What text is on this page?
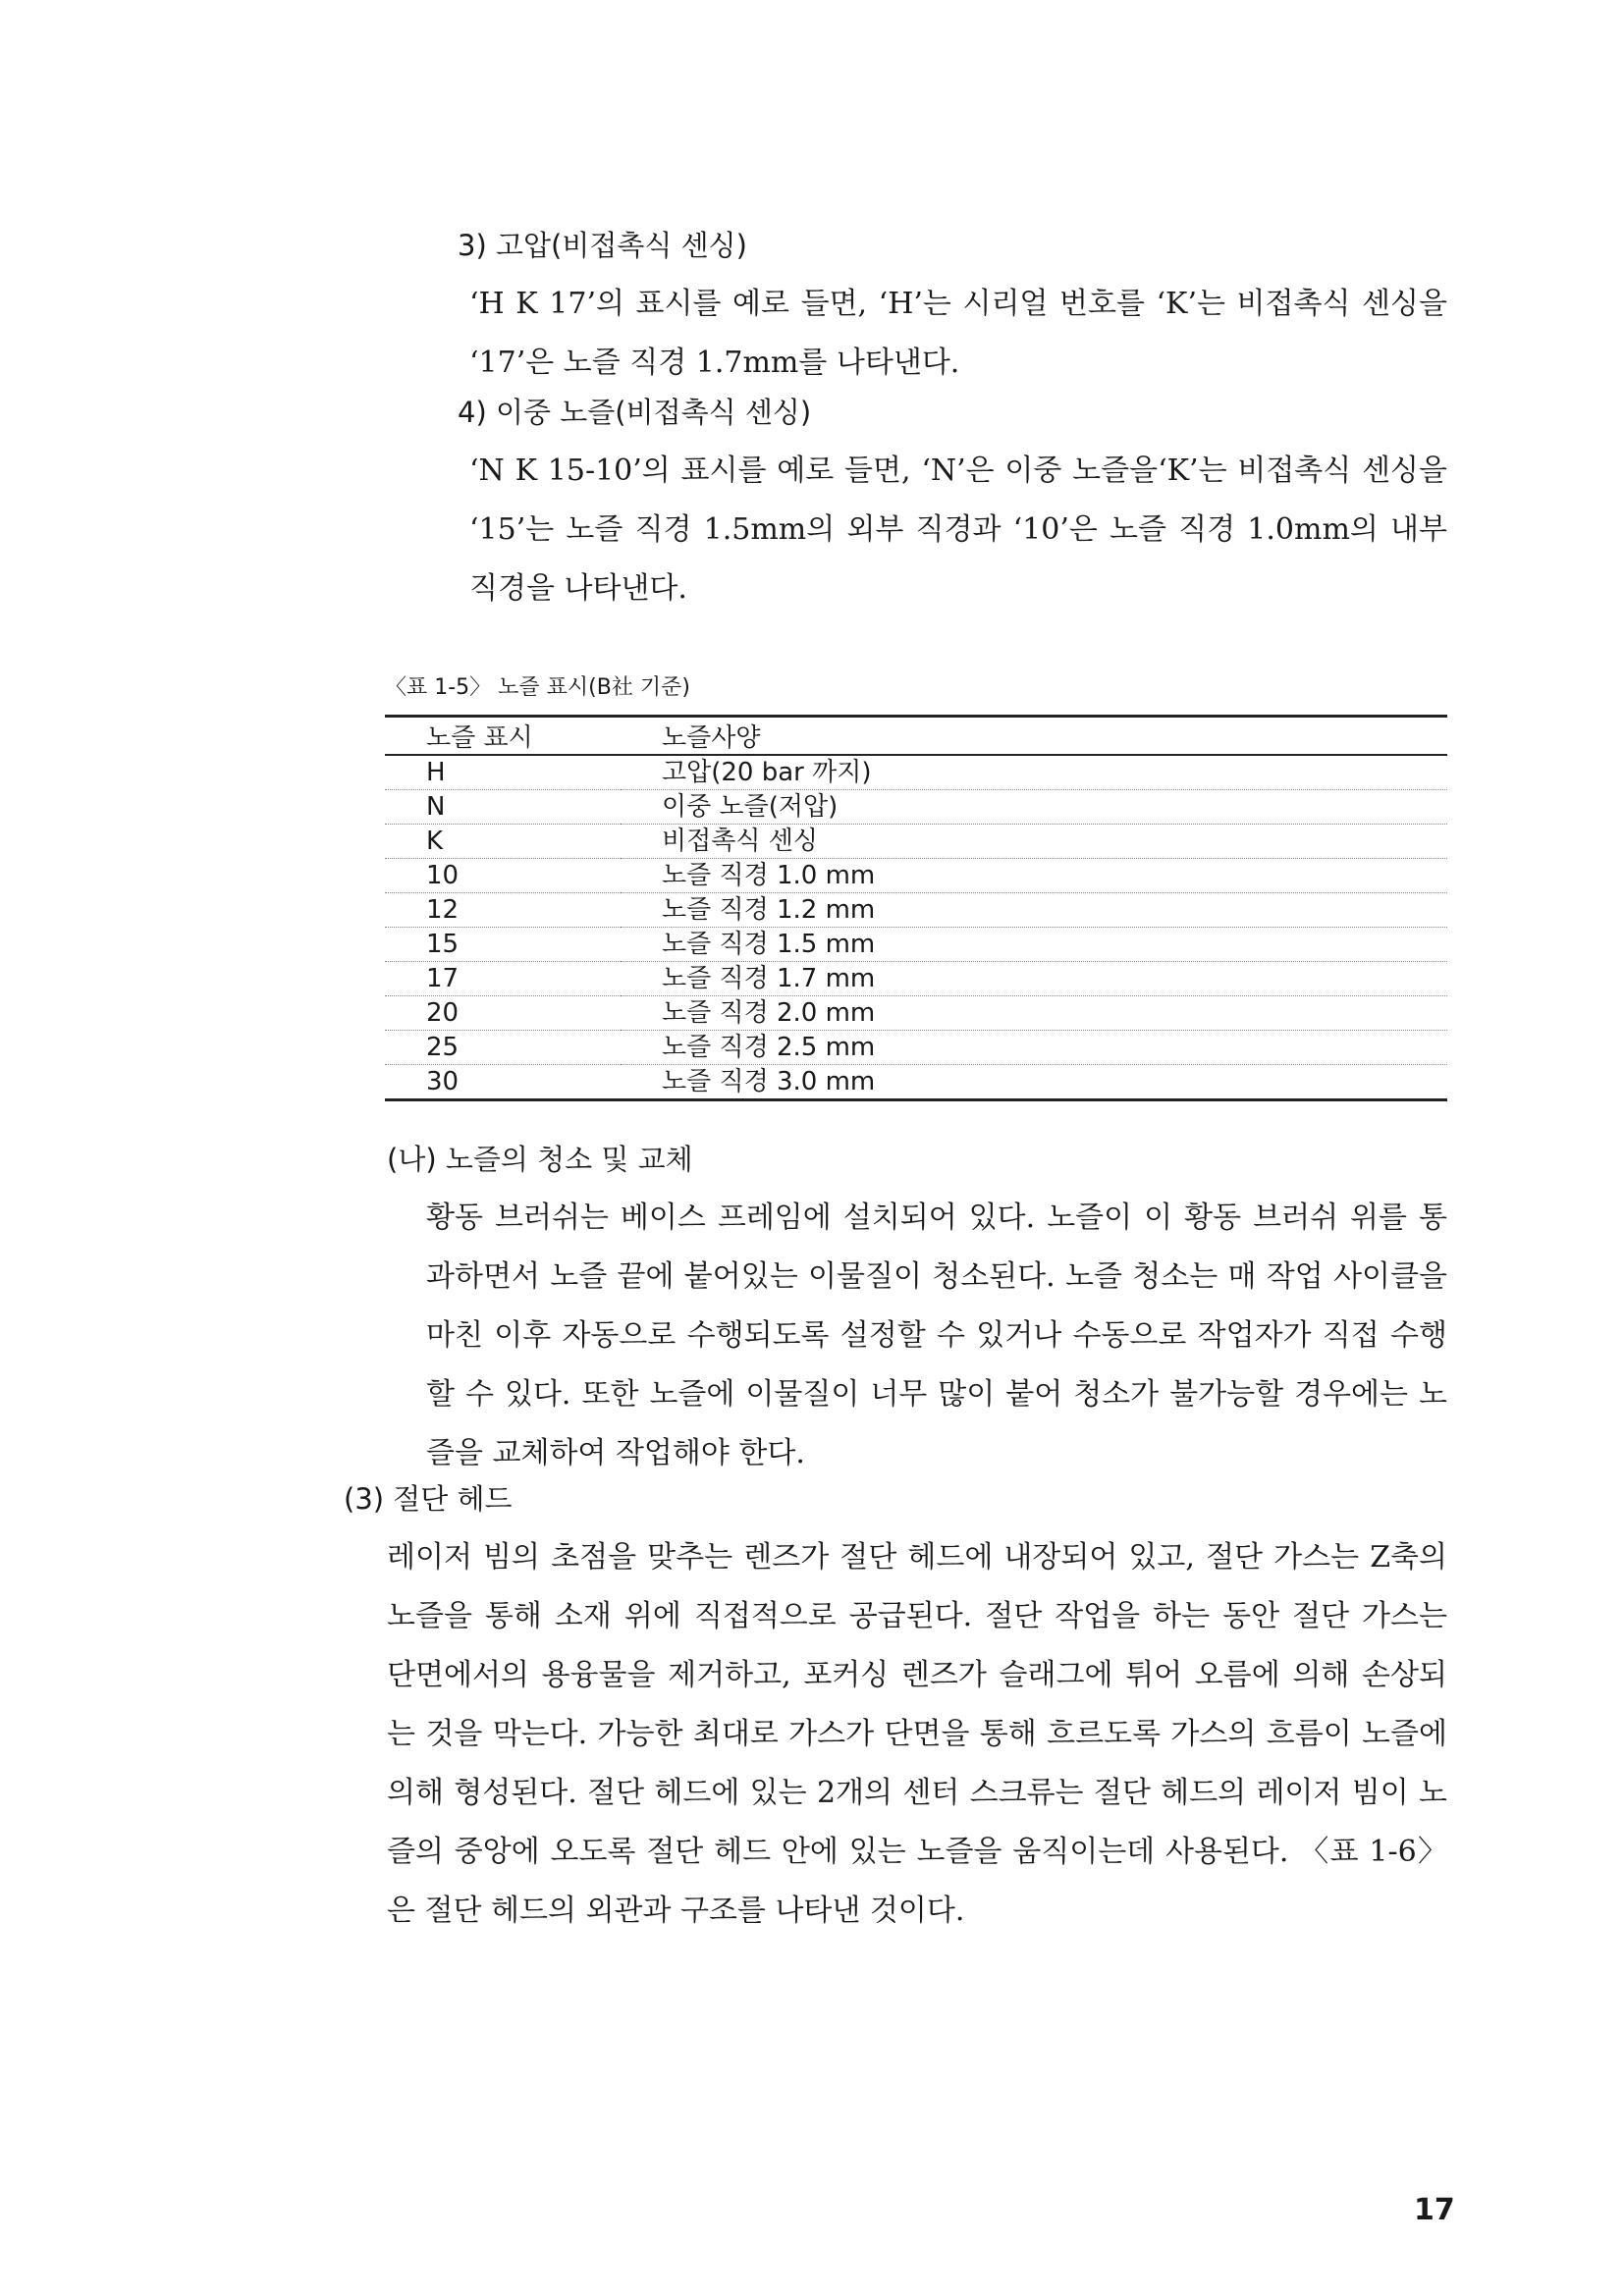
3) 고압(비접촉식 센싱)

‘H K 17’의 표시를 예로 들면, ‘H’는 시리얼 번호를 ‘K’는 비접촉식 센싱을 ‘17’은 노즐 직경 1.7mm를 나타낸다.

4) 이중 노즐(비접촉식 센싱)

‘N K 15-10’의 표시를 예로 들면, ‘N’은 이중 노즐을‘K’는 비접촉식 센싱을 ‘15’는 노즐 직경 1.5mm의 외부 직경과 ‘10’은 노즐 직경 1.0mm의 내부 직경을 나타낸다.

〈표 1-5〉 노즐 표시(B社 기준)
노즐 표시	노즐사양
H	고압(20 bar 까지)
N	이중 노즐(저압)
K	비접촉식 센싱
10	노즐 직경 1.0 mm
12	노즐 직경 1.2 mm
15	노즐 직경 1.5 mm
17	노즐 직경 1.7 mm
20	노즐 직경 2.0 mm
25	노즐 직경 2.5 mm
30	노즐 직경 3.0 mm
(나) 노즐의 청소 및 교체

황동 브러쉬는 베이스 프레임에 설치되어 있다. 노즐이 이 황동 브러쉬 위를 통과하면서 노즐 끝에 붙어있는 이물질이 청소된다. 노즐 청소는 매 작업 사이클을 마친 이후 자동으로 수행되도록 설정할 수 있거나 수동으로 작업자가 직접 수행할 수 있다. 또한 노즐에 이물질이 너무 많이 붙어 청소가 불가능할 경우에는 노즐을 교체하여 작업해야 한다.

(3) 절단 헤드

레이저 빔의 초점을 맞추는 렌즈가 절단 헤드에 내장되어 있고, 절단 가스는 Z축의 노즐을 통해 소재 위에 직접적으로 공급된다. 절단 작업을 하는 동안 절단 가스는 단면에서의 용융물을 제거하고, 포커싱 렌즈가 슬래그에 튀어 오름에 의해 손상되는 것을 막는다. 가능한 최대로 가스가 단면을 통해 흐르도록 가스의 흐름이 노즐에 의해 형성된다. 절단 헤드에 있는 2개의 센터 스크류는 절단 헤드의 레이저 빔이 노즐의 중앙에 오도록 절단 헤드 안에 있는 노즐을 움직이는데 사용된다. 〈표 1-6〉은 절단 헤드의 외관과 구조를 나타낸 것이다.

17
